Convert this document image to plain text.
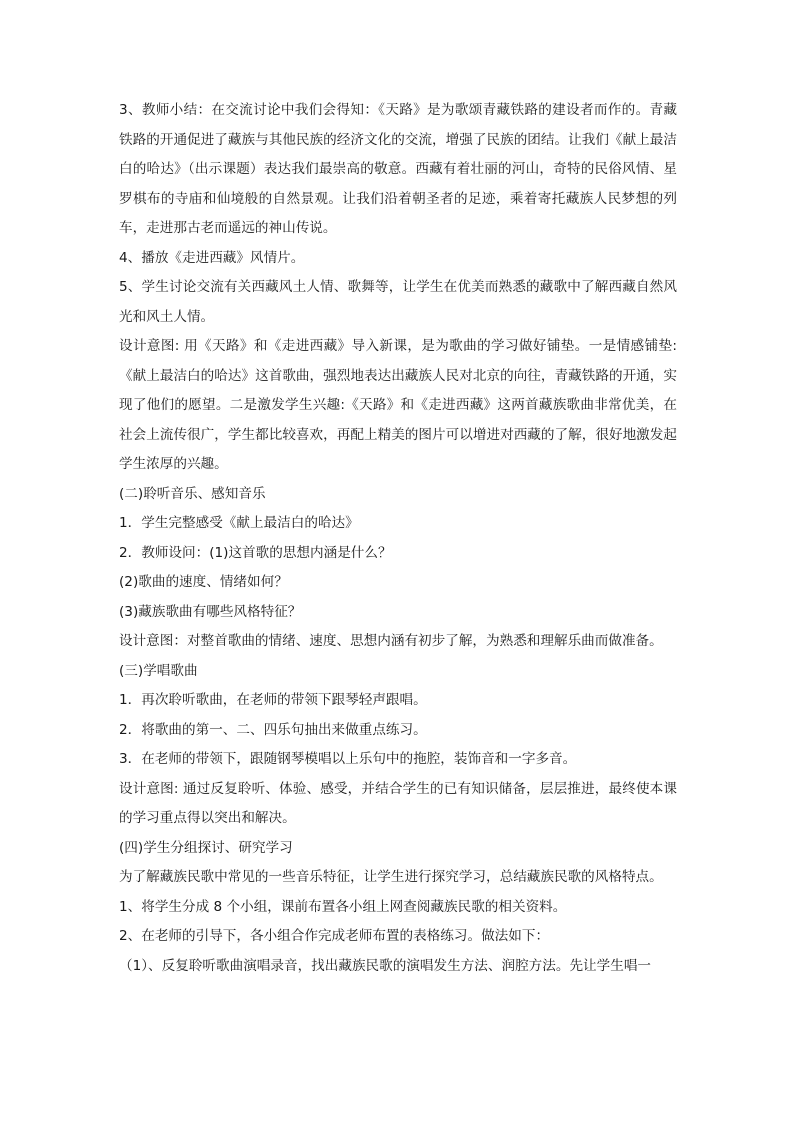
3、教师小结：在交流讨论中我们会得知：《天路》是为歌颂青藏铁路的建设者而作的。青藏铁路的开通促进了藏族与其他民族的经济文化的交流，增强了民族的团结。让我们《献上最洁白的哈达》（出示课题）表达我们最崇高的敬意。西藏有着壮丽的河山，奇特的民俗风情、星罗棋布的寺庙和仙境般的自然景观。让我们沿着朝圣者的足迹，乘着寄托藏族人民梦想的列车，走进那古老而遥远的神山传说。

4、播放《走进西藏》风情片。

5、学生讨论交流有关西藏风土人情、歌舞等，让学生在优美而熟悉的藏歌中了解西藏自然风光和风土人情。

设计意图: 用《天路》和《走进西藏》导入新课，是为歌曲的学习做好铺垫。一是情感铺垫:《献上最洁白的哈达》这首歌曲，强烈地表达出藏族人民对北京的向往，青藏铁路的开通，实现了他们的愿望。二是激发学生兴趣:《天路》和《走进西藏》这两首藏族歌曲非常优美，在社会上流传很广，学生都比较喜欢，再配上精美的图片可以增进对西藏的了解，很好地激发起学生浓厚的兴趣。

(二)聆听音乐、感知音乐

1．学生完整感受《献上最洁白的哈达》

2．教师设问：(1)这首歌的思想内涵是什么？

(2)歌曲的速度、情绪如何？

(3)藏族歌曲有哪些风格特征？

设计意图：对整首歌曲的情绪、速度、思想内涵有初步了解，为熟悉和理解乐曲而做准备。

(三)学唱歌曲

1．再次聆听歌曲，在老师的带领下跟琴轻声跟唱。

2．将歌曲的第一、二、四乐句抽出来做重点练习。

3．在老师的带领下，跟随钢琴模唱以上乐句中的拖腔，装饰音和一字多音。

设计意图: 通过反复聆听、体验、感受，并结合学生的已有知识储备，层层推进，最终使本课的学习重点得以突出和解决。

(四)学生分组探讨、研究学习

为了解藏族民歌中常见的一些音乐特征，让学生进行探究学习，总结藏族民歌的风格特点。

1、将学生分成 8 个小组，课前布置各小组上网查阅藏族民歌的相关资料。

2、在老师的引导下，各小组合作完成老师布置的表格练习。做法如下：

（1）、反复聆听歌曲演唱录音，找出藏族民歌的演唱发生方法、润腔方法。先让学生唱一
